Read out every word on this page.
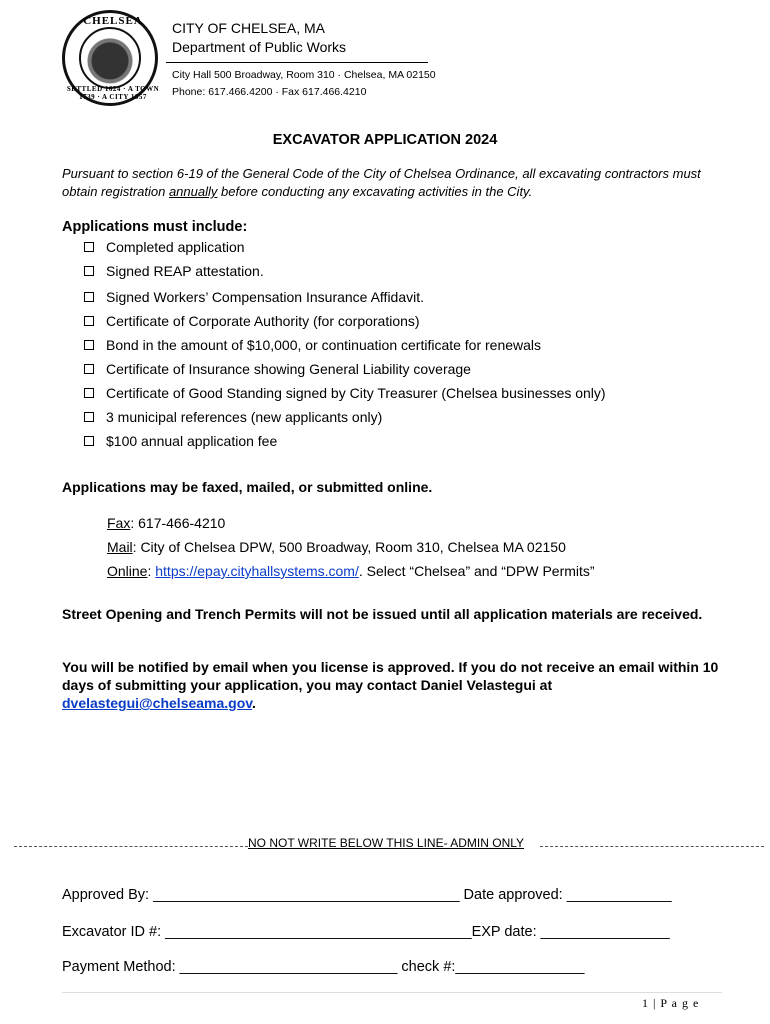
CHELSEA
SETTLED 1624 · A TOWN 1739 · A CITY 1857
CITY OF CHELSEA, MA
Department of Public Works
City Hall 500 Broadway, Room 310 · Chelsea, MA 02150
Phone: 617.466.4200 · Fax 617.466.4210
EXCAVATOR APPLICATION 2024
Pursuant to section 6-19 of the General Code of the City of Chelsea Ordinance, all excavating contractors must obtain registration annually before conducting any excavating activities in the City.
Applications must include:
Completed application
Signed REAP attestation.
Signed Workers’ Compensation Insurance Affidavit.
Certificate of Corporate Authority (for corporations)
Bond in the amount of $10,000, or continuation certificate for renewals
Certificate of Insurance showing General Liability coverage
Certificate of Good Standing signed by City Treasurer (Chelsea businesses only)
3 municipal references (new applicants only)
$100 annual application fee
Applications may be faxed, mailed, or submitted online.
Fax: 617-466-4210
Mail: City of Chelsea DPW, 500 Broadway, Room 310, Chelsea MA 02150
Online: https://epay.cityhallsystems.com/. Select “Chelsea” and “DPW Permits”
Street Opening and Trench Permits will not be issued until all application materials are received.
You will be notified by email when you license is approved. If you do not receive an email within 10 days of submitting your application, you may contact Daniel Velastegui at dvelastegui@chelseama.gov.
NO NOT WRITE BELOW THIS LINE- ADMIN ONLY
Approved By: ______________________________________ Date approved: _____________
Excavator ID #: ______________________________________EXP date: ________________
Payment Method: ___________________________ check #:________________
1 | P a g e
